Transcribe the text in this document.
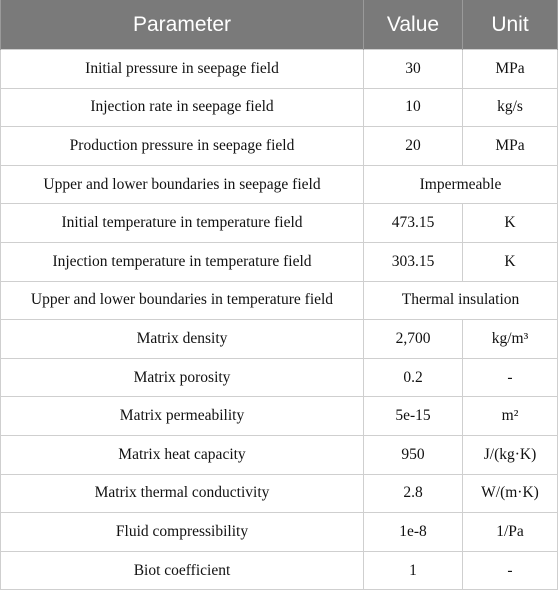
Parameter	Value	Unit
Initial pressure in seepage field	30	MPa
Injection rate in seepage field	10	kg/s
Production pressure in seepage field	20	MPa
Upper and lower boundaries in seepage field	Impermeable	
Initial temperature in temperature field	473.15	K
Injection temperature in temperature field	303.15	K
Upper and lower boundaries in temperature field	Thermal insulation	
Matrix density	2,700	kg/m³
Matrix porosity	0.2	-
Matrix permeability	5e-15	m²
Matrix heat capacity	950	J/(kg·K)
Matrix thermal conductivity	2.8	W/(m·K)
Fluid compressibility	1e-8	1/Pa
Biot coefficient	1	-
